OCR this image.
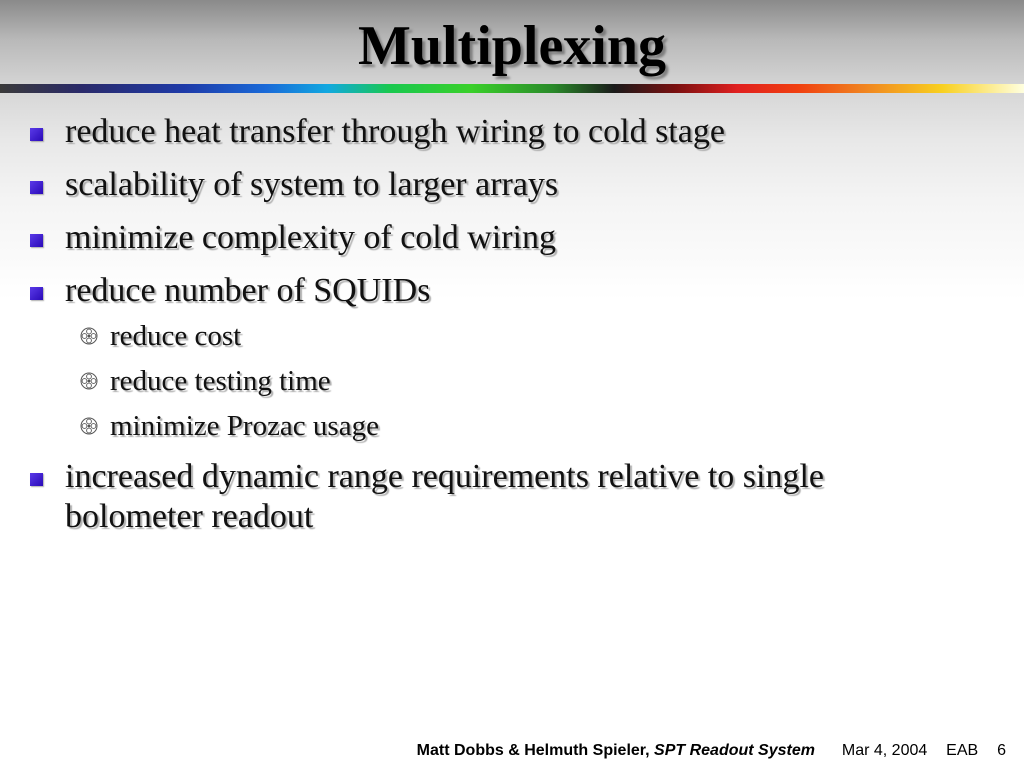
Multiplexing
reduce heat transfer through wiring to cold stage
scalability of system to larger arrays
minimize complexity of cold wiring
reduce number of SQUIDs
reduce cost
reduce testing time
minimize Prozac usage
increased dynamic range requirements relative to single bolometer readout
Matt Dobbs & Helmuth Spieler, SPT Readout System Mar 4, 2004 EAB 6
